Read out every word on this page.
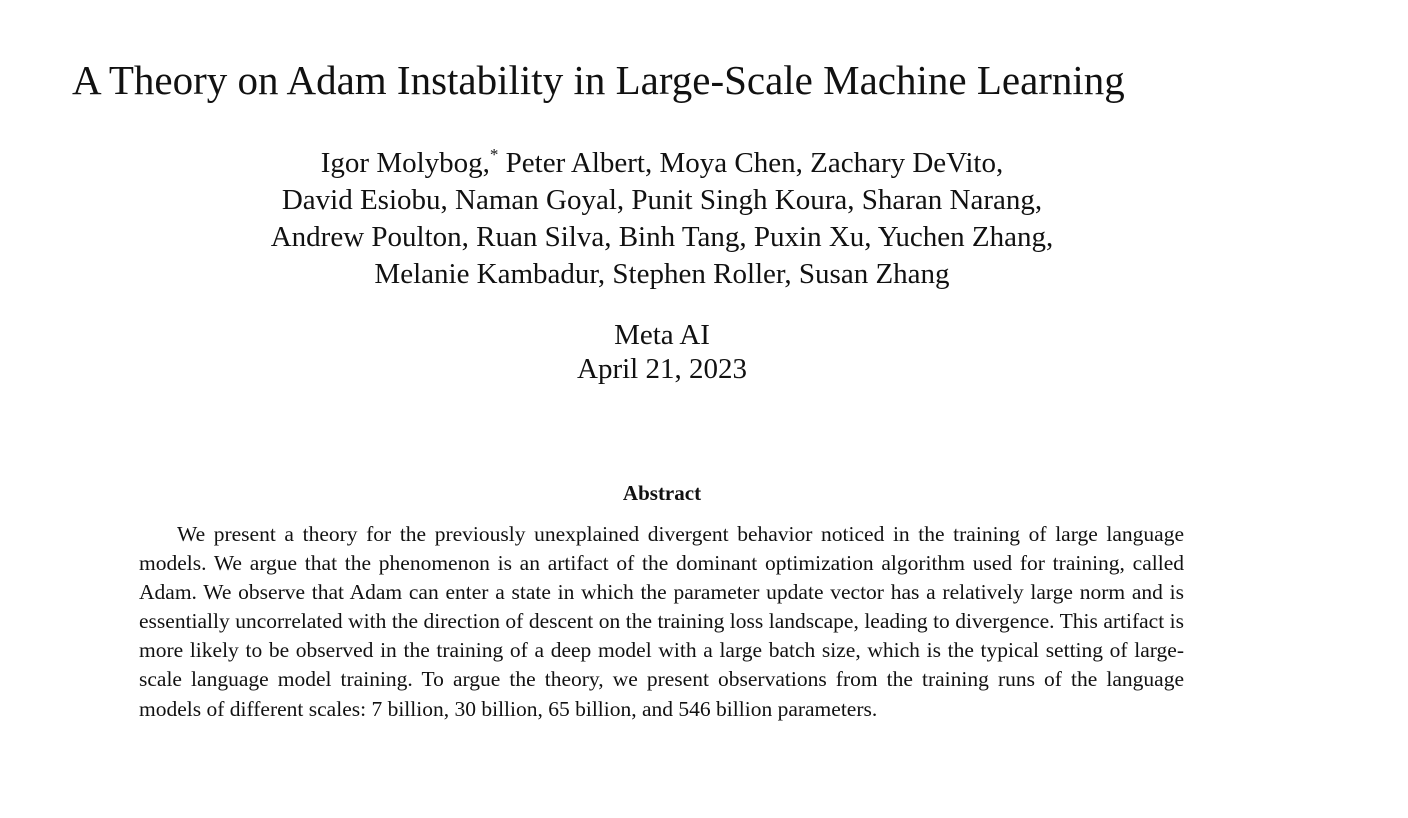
A Theory on Adam Instability in Large-Scale Machine Learning
Igor Molybog,* Peter Albert, Moya Chen, Zachary DeVito,
David Esiobu, Naman Goyal, Punit Singh Koura, Sharan Narang,
Andrew Poulton, Ruan Silva, Binh Tang, Puxin Xu, Yuchen Zhang,
Melanie Kambadur, Stephen Roller, Susan Zhang
Meta AI
April 21, 2023
Abstract

We present a theory for the previously unexplained divergent behavior noticed in the training of large language models. We argue that the phenomenon is an artifact of the dominant optimization algorithm used for training, called Adam. We observe that Adam can enter a state in which the parameter update vector has a relatively large norm and is essentially uncorrelated with the direction of descent on the training loss landscape, leading to divergence. This artifact is more likely to be observed in the training of a deep model with a large batch size, which is the typical setting of large-scale language model training. To argue the theory, we present observations from the training runs of the language models of different scales: 7 billion, 30 billion, 65 billion, and 546 billion parameters.
